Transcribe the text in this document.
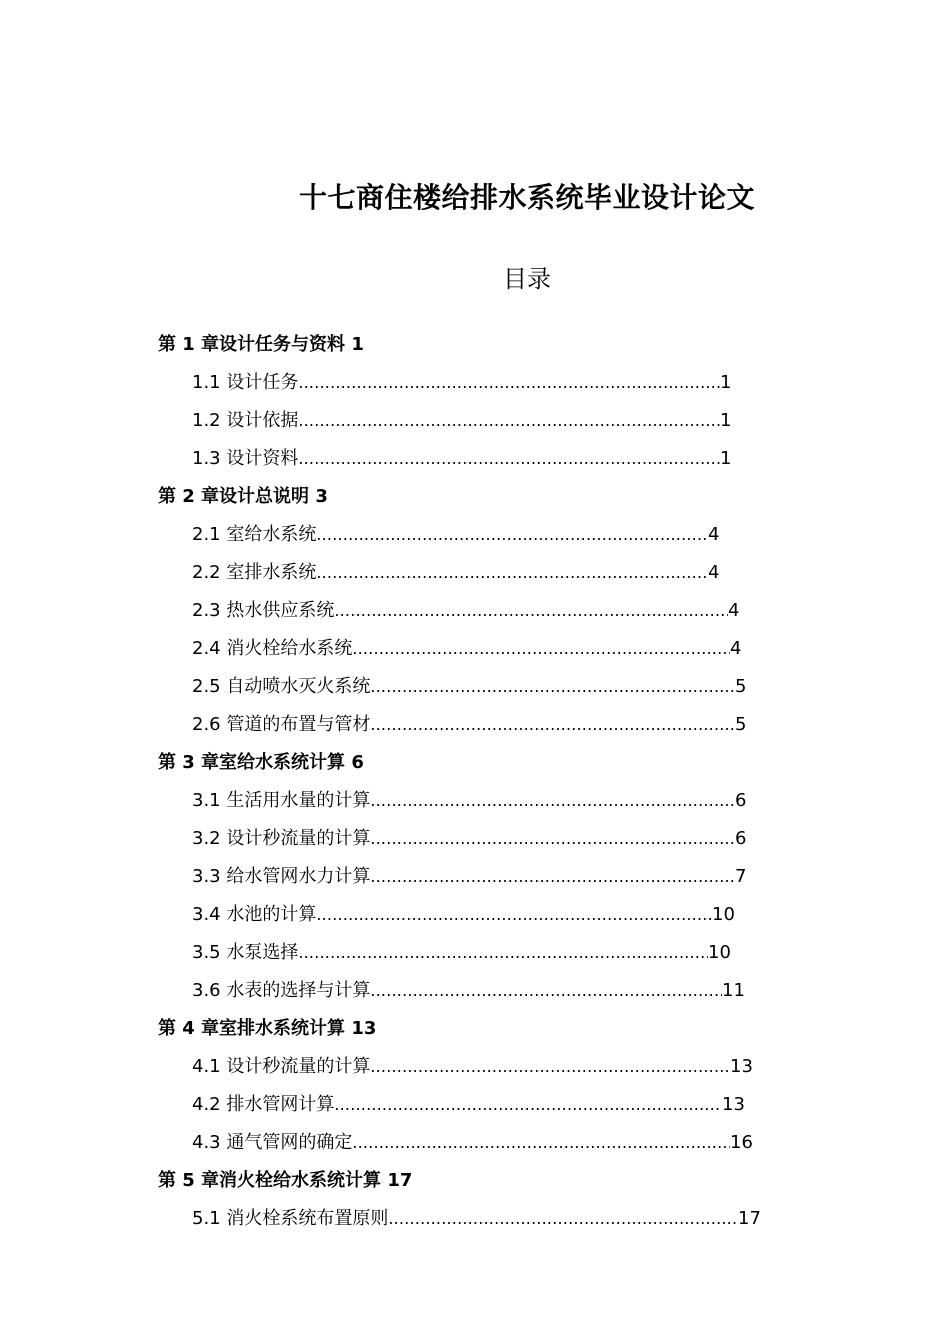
十七商住楼给排水系统毕业设计论文
目录
第 1 章设计任务与资料 1
1.1 设计任务 .....	1
1.2 设计依据 .....	1
1.3 设计资料 .....	1
第 2 章设计总说明 3
2.1 室给水系统 .....	4
2.2 室排水系统 .....	4
2.3 热水供应系统 .....	4
2.4 消火栓给水系统 .....	4
2.5 自动喷水灭火系统 .....	5
2.6 管道的布置与管材 .....	5
第 3 章室给水系统计算 6
3.1 生活用水量的计算 .....	6
3.2 设计秒流量的计算 .....	6
3.3 给水管网水力计算 .....	7
3.4 水池的计算 .....	10
3.5 水泵选择 .....	10
3.6 水表的选择与计算 .....	11
第 4 章室排水系统计算 13
4.1 设计秒流量的计算 .....	13
4.2 排水管网计算 .....	13
4.3 通气管网的确定 .....	16
第 5 章消火栓给水系统计算 17
5.1 消火栓系统布置原则 .....	17
